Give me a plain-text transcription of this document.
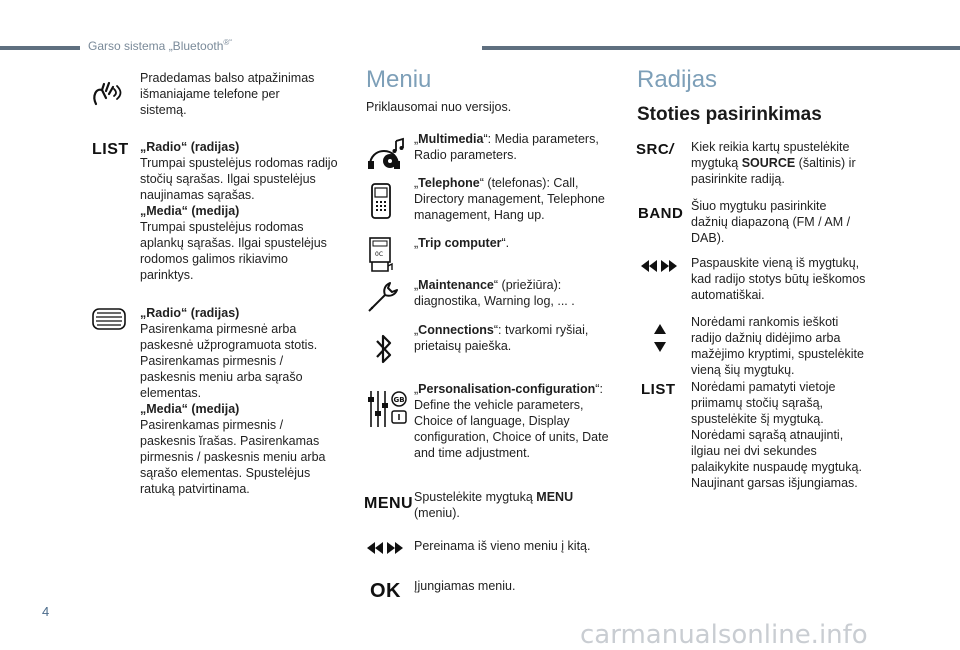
Garso sistema „Bluetooth®“
Pradedamas balso atpažinimas išmaniajame telefone per sistemą.
LIST „Radio“ (radijas)
Trumpai spustelėjus rodomas radijo stočių sąrašas. Ilgai spustelėjus naujinamas sąrašas.
„Media“ (medija)
Trumpai spustelėjus rodomas aplankų sąrašas. Ilgai spustelėjus rodomos galimos rikiavimo parinktys.
„Radio“ (radijas)
Pasirenkama pirmesnė arba paskesnė užprogramuota stotis. Pasirenkamas pirmesnis / paskesnis meniu arba sąrašo elementas.
„Media“ (medija)
Pasirenkamas pirmesnis / paskesnis ĭrašas. Pasirenkamas pirmesnis / paskesnis meniu arba sąrašo elementas. Spustelėjus ratuką patvirtinama.
Meniu
Priklausomai nuo versijos.
„Multimedia“: Media parameters, Radio parameters.
„Telephone“ (telefonas): Call, Directory management, Telephone management, Hang up.
0C
„Trip computer“.
„Maintenance“ (priežiūra): diagnostika, Warning log, ... .
„Connections“: tvarkomi ryšiai, prietaisų paieška.
GB
„Personalisation-configuration“: Define the vehicle parameters, Choice of language, Display configuration, Choice of units, Date and time adjustment.
MENU Spustelėkite mygtuką MENU (meniu).
Pereinama iš vieno meniu į kitą.
OK Įjungiamas meniu.
Radijas
Stoties pasirinkimas
SRC/ Kiek reikia kartų spustelėkite mygtuką SOURCE (šaltinis) ir pasirinkite radiją.
BAND Šiuo mygtuku pasirinkite dažnių diapazoną (FM / AM / DAB).
Paspauskite vieną iš mygtukų, kad radijo stotys būtų ieškomos automatiškai.
Norėdami rankomis ieškoti radijo dažnių didėjimo arba mažėjimo kryptimi, spustelėkite vieną šių mygtukų.
LIST Norėdami pamatyti vietoje priimamų stočių sąrašą, spustelėkite šį mygtuką.
Norėdami sąrašą atnaujinti, ilgiau nei dvi sekundes palaikykite nuspaudę mygtuką. Naujinant garsas išjungiamas.
4
carmanualsonline.info
